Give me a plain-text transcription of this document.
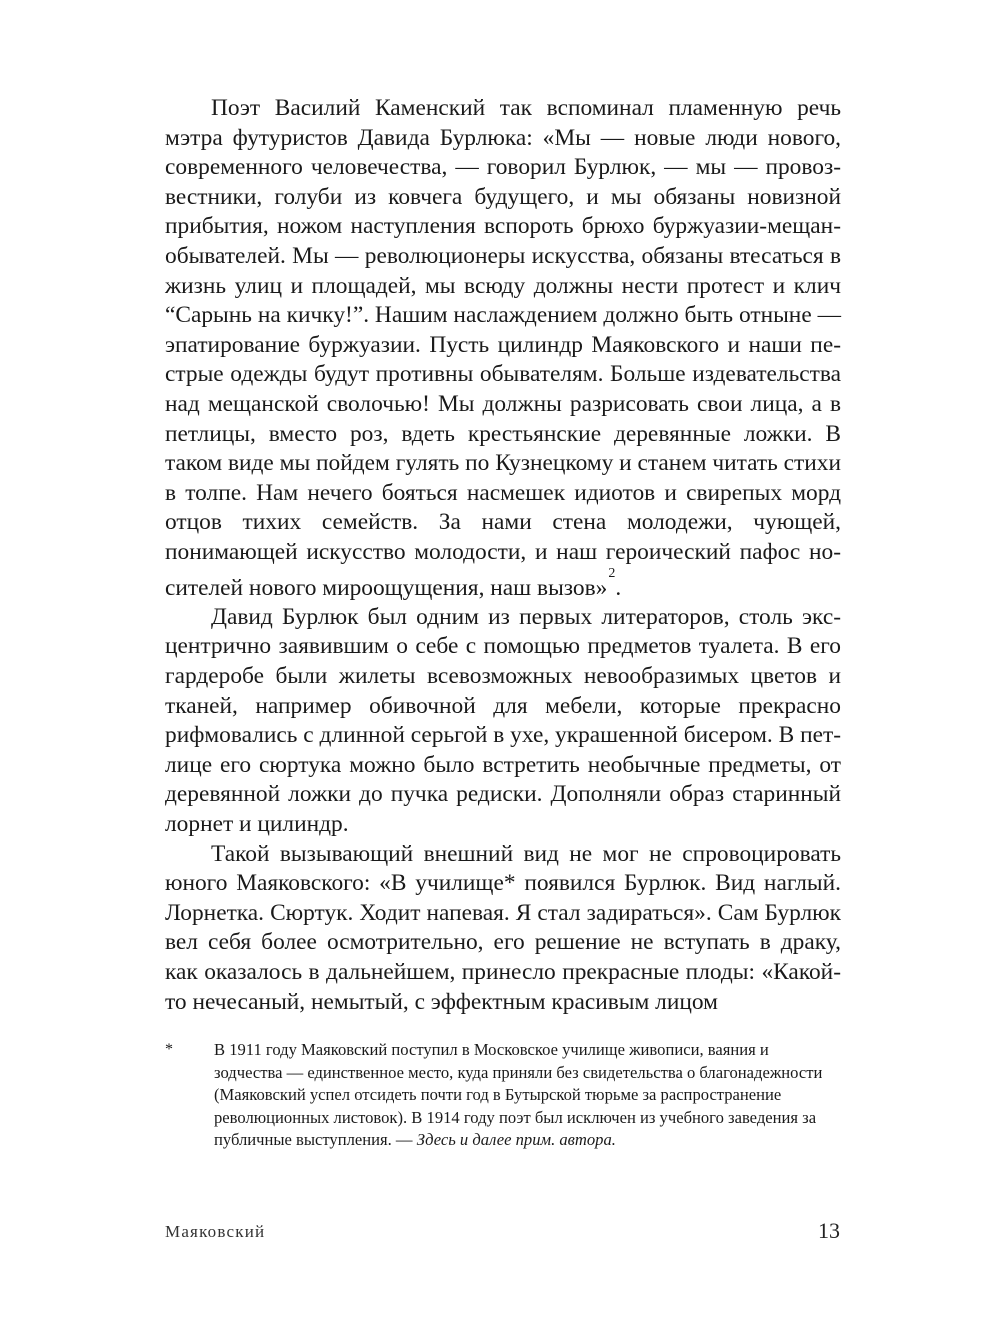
Поэт Василий Каменский так вспоминал пламенную речь мэтра футуристов Давида Бурлюка: «Мы — новые люди нового, современного человечества, — говорил Бурлюк, — мы — провозвестники, голуби из ковчега будущего, и мы обязаны новизной прибытия, ножом наступления вспороть брюхо буржуазии-мещанобывателей. Мы — революционеры искусства, обязаны втесаться в жизнь улиц и площадей, мы всюду должны нести протест и клич “Сарынь на кичку!”. Нашим наслаждением должно быть отныне — эпатирование буржуазии. Пусть цилиндр Маяковского и наши пестрые одежды будут противны обывателям. Больше издевательства над мещанской сволочью! Мы должны разрисовать свои лица, а в петлицы, вместо роз, вдеть крестьянские деревянные ложки. В таком виде мы пойдем гулять по Кузнецкому и станем читать стихи в толпе. Нам нечего бояться насмешек идиотов и свирепых морд отцов тихих семейств. За нами стена молодежи, чующей, понимающей искусство молодости, и наш героический пафос носителей нового мироощущения, наш вызов»$^2$.

Давид Бурлюк был одним из первых литераторов, столь эксцентрично заявившим о себе с помощью предметов туалета. В его гардеробе были жилеты всевозможных невообразимых цветов и тканей, например обивочной для мебели, которые прекрасно рифмовались с длинной серьгой в ухе, украшенной бисером. В петлице его сюртука можно было встретить необычные предметы, от деревянной ложки до пучка редиски. Дополняли образ старинный лорнет и цилиндр.

Такой вызывающий внешний вид не мог не спровоцировать юного Маяковского: «В училище* появился Бурлюк. Вид наглый. Лорнетка. Сюртук. Ходит напевая. Я стал задираться». Сам Бурлюк вел себя более осмотрительно, его решение не вступать в драку, как оказалось в дальнейшем, принесло прекрасные плоды: «Какой-то нечесаный, немытый, с эффектным красивым лицом

* В 1911 году Маяковский поступил в Московское училище живописи, ваяния и зодчества — единственное место, куда приняли без свидетельства о благонадежности (Маяковский успел отсидеть почти год в Бутырской тюрьме за распространение революционных листовок). В 1914 году поэт был исключен из учебного заведения за публичные выступления. — Здесь и далее прим. автора.
Маяковский	13
